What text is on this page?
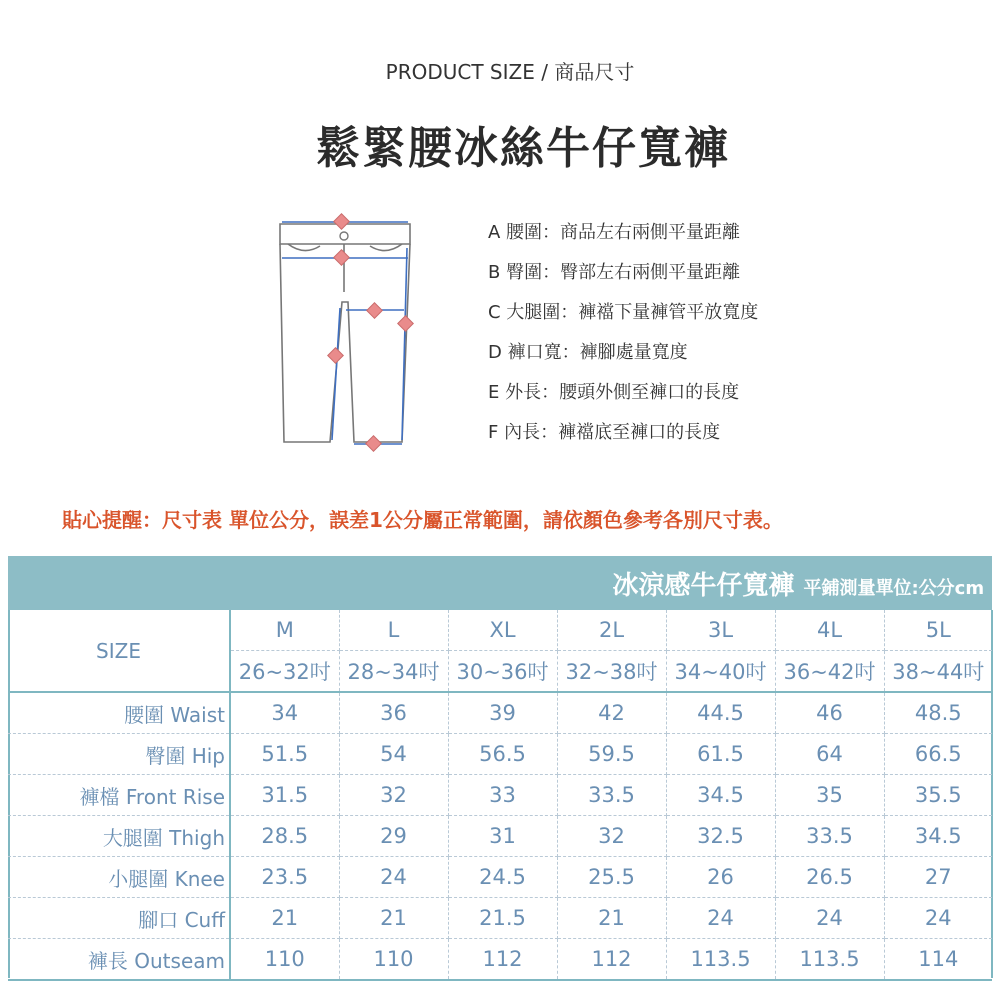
PRODUCT SIZE / 商品尺寸
鬆緊腰冰絲牛仔寬褲
A 腰圍：商品左右兩側平量距離
B 臀圍：臀部左右兩側平量距離
C 大腿圍：褲襠下量褲管平放寬度
D 褲口寬：褲腳處量寬度
E 外長：腰頭外側至褲口的長度
F 內長：褲襠底至褲口的長度
貼心提醒：尺寸表 單位公分，誤差1公分屬正常範圍，請依顏色參考各別尺寸表。
冰涼感牛仔寬褲 平鋪測量單位:公分cm							
SIZE	M	L	XL	2L	3L	4L	5L
	26~32吋	28~34吋	30~36吋	32~38吋	34~40吋	36~42吋	38~44吋
腰圍 Waist	34	36	39	42	44.5	46	48.5
臀圍 Hip	51.5	54	56.5	59.5	61.5	64	66.5
褲檔 Front Rise	31.5	32	33	33.5	34.5	35	35.5
大腿圍 Thigh	28.5	29	31	32	32.5	33.5	34.5
小腿圍 Knee	23.5	24	24.5	25.5	26	26.5	27
腳口 Cuff	21	21	21.5	21	24	24	24
褲長 Outseam	110	110	112	112	113.5	113.5	114
